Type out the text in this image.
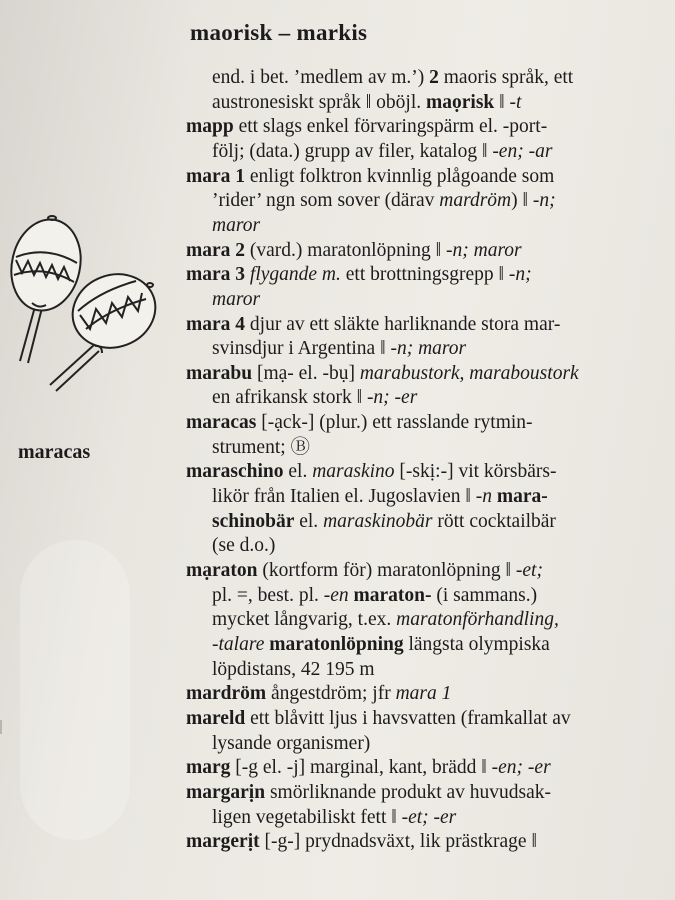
maorisk – markis
maracas
end. i bet. ’medlem av m.’) 2 maoris språk, ett
austronesiskt språk ǁ oböjl. maọrisk ǁ -t
mapp ett slags enkel förvaringspärm el. -port-
följ; (data.) grupp av filer, katalog ǁ -en; -ar
mara 1 enligt folktron kvinnlig plågoande som
’rider’ ngn som sover (därav mardröm) ǁ -n;
maror
mara 2 (vard.) maratonlöpning ǁ -n; maror
mara 3 flygande m. ett brottningsgrepp ǁ -n;
maror
mara 4 djur av ett släkte harliknande stora mar-
svinsdjur i Argentina ǁ -n; maror
marabu [mạ- el. -bụ] marabustork, maraboustork
en afrikansk stork ǁ -n; -er
maracas [-ạck-] (plur.) ett rasslande rytmin-
strument; Ⓑ
maraschino el. maraskino [-skị:-] vit körsbärs-
likör från Italien el. Jugoslavien ǁ -n mara-
schinobär el. maraskinobär rött cocktailbär
(se d.o.)
mạraton (kortform för) maratonlöpning ǁ -et;
pl. =, best. pl. -en maraton- (i sammans.)
mycket långvarig, t.ex. maratonförhandling,
-talare maratonlöpning längsta olympiska
löpdistans, 42 195 m
mardröm ångestdröm; jfr mara 1
mareld ett blåvitt ljus i havsvatten (framkallat av
lysande organismer)
marg [-g el. -j] marginal, kant, brädd ǁ -en; -er
margarịn smörliknande produkt av huvudsak-
ligen vegetabiliskt fett ǁ -et; -er
margerịt [-g-] prydnadsväxt, lik prästkrage ǁ
